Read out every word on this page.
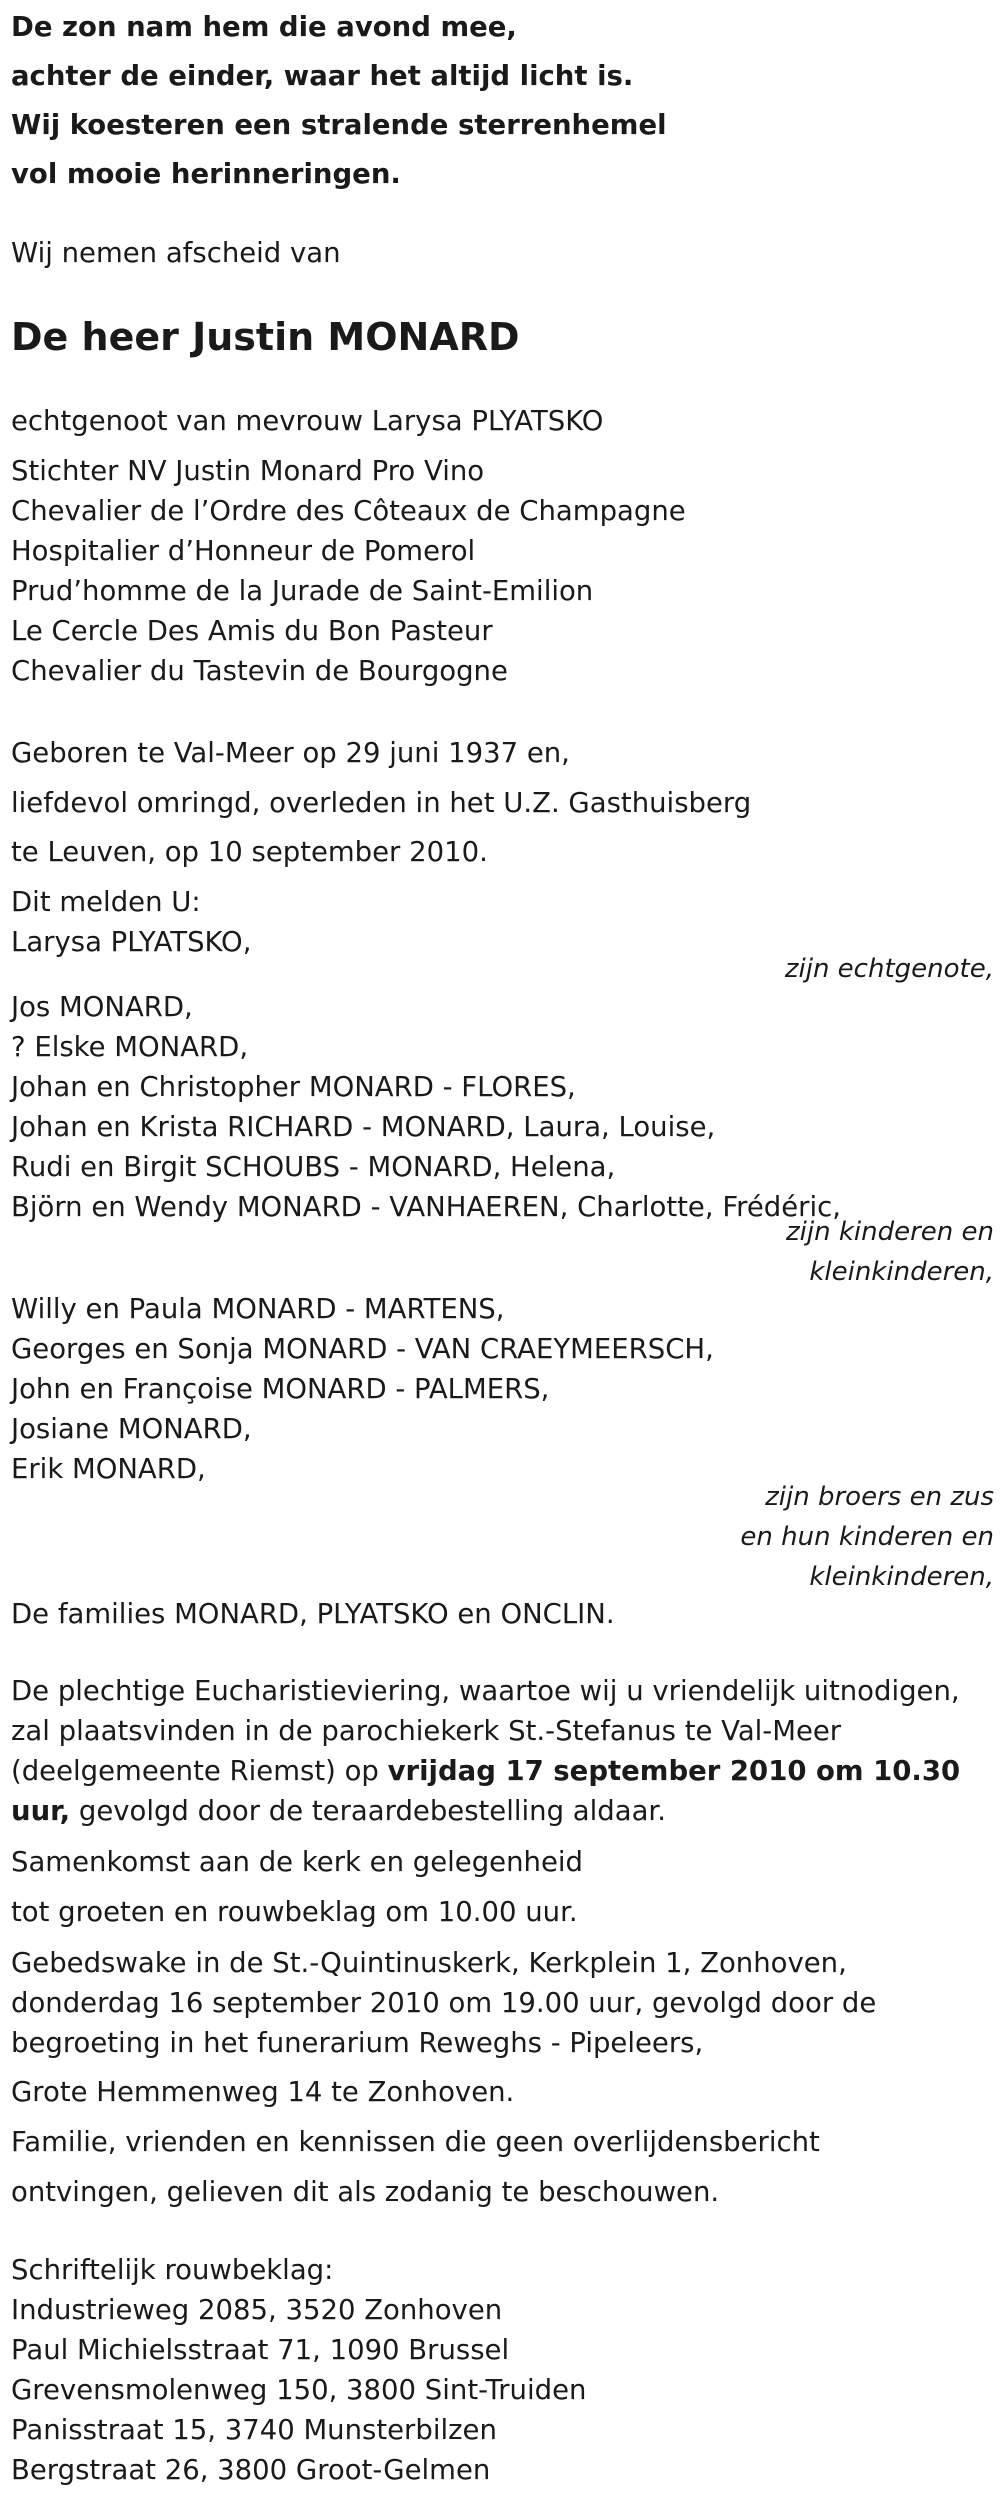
De zon nam hem die avond mee,

achter de einder, waar het altijd licht is.

Wij koesteren een stralende sterrenhemel

vol mooie herinneringen.

Wij nemen afscheid van

De heer Justin MONARD

echtgenoot van mevrouw Larysa PLYATSKO

Stichter NV Justin Monard Pro Vino

Chevalier de l’Ordre des Côteaux de Champagne

Hospitalier d’Honneur de Pomerol

Prud’homme de la Jurade de Saint-Emilion

Le Cercle Des Amis du Bon Pasteur

Chevalier du Tastevin de Bourgogne

Geboren te Val-Meer op 29 juni 1937 en,

liefdevol omringd, overleden in het U.Z. Gasthuisberg

te Leuven, op 10 september 2010.

Dit melden U:

Larysa PLYATSKO,

zijn echtgenote,

Jos MONARD,

? Elske MONARD,

Johan en Christopher MONARD - FLORES,

Johan en Krista RICHARD - MONARD, Laura, Louise,

Rudi en Birgit SCHOUBS - MONARD, Helena,

Björn en Wendy MONARD - VANHAEREN, Charlotte, Frédéric,

zijn kinderen en

kleinkinderen,

Willy en Paula MONARD - MARTENS,

Georges en Sonja MONARD - VAN CRAEYMEERSCH,

John en Françoise MONARD - PALMERS,

Josiane MONARD,

Erik MONARD,

zijn broers en zus

en hun kinderen en

kleinkinderen,

De families MONARD, PLYATSKO en ONCLIN.

De plechtige Eucharistieviering, waartoe wij u vriendelijk uitnodigen, zal plaatsvinden in de parochiekerk St.-Stefanus te Val-Meer (deelgemeente Riemst) op vrijdag 17 september 2010 om 10.30 uur, gevolgd door de teraardebestelling aldaar.

Samenkomst aan de kerk en gelegenheid

tot groeten en rouwbeklag om 10.00 uur.

Gebedswake in de St.-Quintinuskerk, Kerkplein 1, Zonhoven, donderdag 16 september 2010 om 19.00 uur, gevolgd door de begroeting in het funerarium Reweghs - Pipeleers,

Grote Hemmenweg 14 te Zonhoven.

Familie, vrienden en kennissen die geen overlijdensbericht

ontvingen, gelieven dit als zodanig te beschouwen.

Schriftelijk rouwbeklag:

Industrieweg 2085, 3520 Zonhoven

Paul Michielsstraat 71, 1090 Brussel

Grevensmolenweg 150, 3800 Sint-Truiden

Panisstraat 15, 3740 Munsterbilzen

Bergstraat 26, 3800 Groot-Gelmen
